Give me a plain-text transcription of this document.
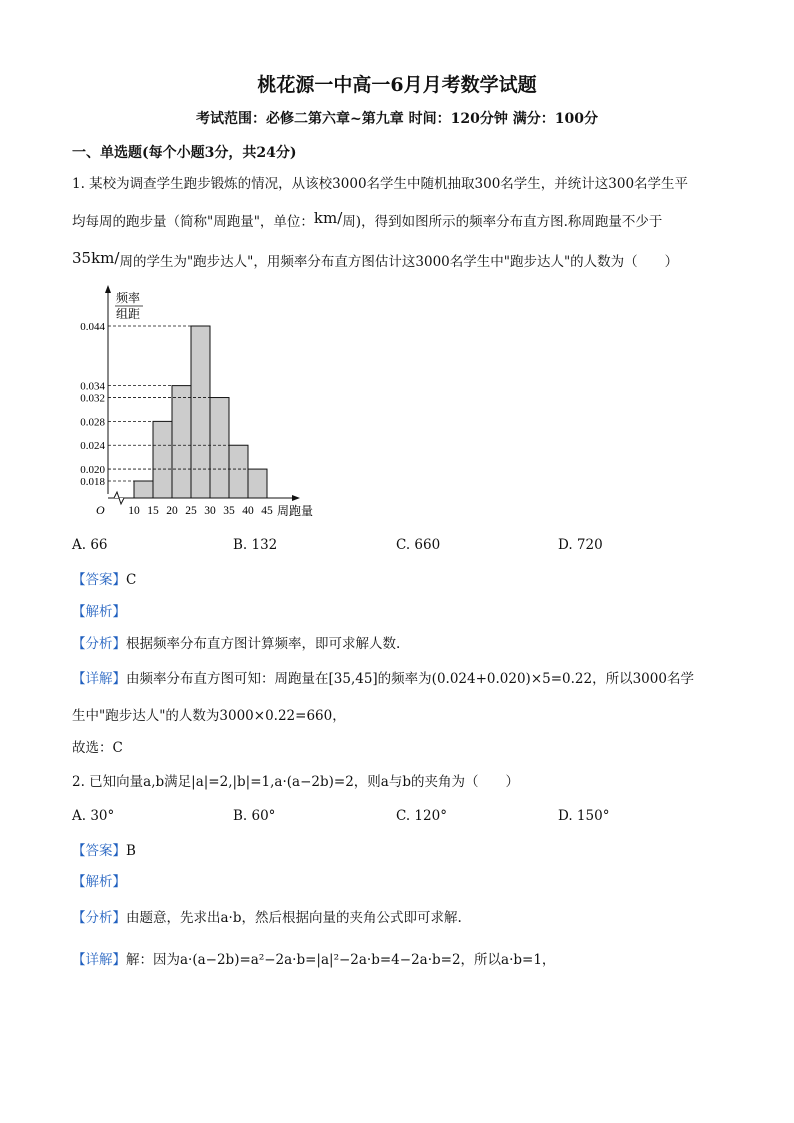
桃花源一中高一6月月考数学试题
考试范围：必修二第六章~第九章 时间：120分钟 满分：100分
一、单选题(每个小题3分，共24分)
1. 某校为调查学生跑步锻炼的情况，从该校3000名学生中随机抽取300名学生，并统计这300名学生平
均每周的跑步量（简称"周跑量"，单位：km/周)，得到如图所示的频率分布直方图.称周跑量不少于
35km/周的学生为"跑步达人"，用频率分布直方图估计这3000名学生中"跑步达人"的人数为（　　）
频率
组距
O	周跑量
0.018
0.020
0.024
0.028
0.032
0.034
0.044
10 15 20 25 30 35 40 45
A. 66	B. 132	C. 660	D. 720
【答案】C
【解析】
【分析】根据频率分布直方图计算频率，即可求解人数.
【详解】由频率分布直方图可知：周跑量在[35,45]的频率为(0.024+0.020)×5=0.22，所以3000名学
生中"跑步达人"的人数为3000×0.22=660，
故选：C
2. 已知向量a,b满足|a|=2,|b|=1,a·(a−2b)=2，则a与b的夹角为（　　）
A. 30°	B. 60°	C. 120°	D. 150°
【答案】B
【解析】
【分析】由题意，先求出a·b，然后根据向量的夹角公式即可求解.
【详解】解：因为a·(a−2b)=a²−2a·b=|a|²−2a·b=4−2a·b=2，所以a·b=1，
